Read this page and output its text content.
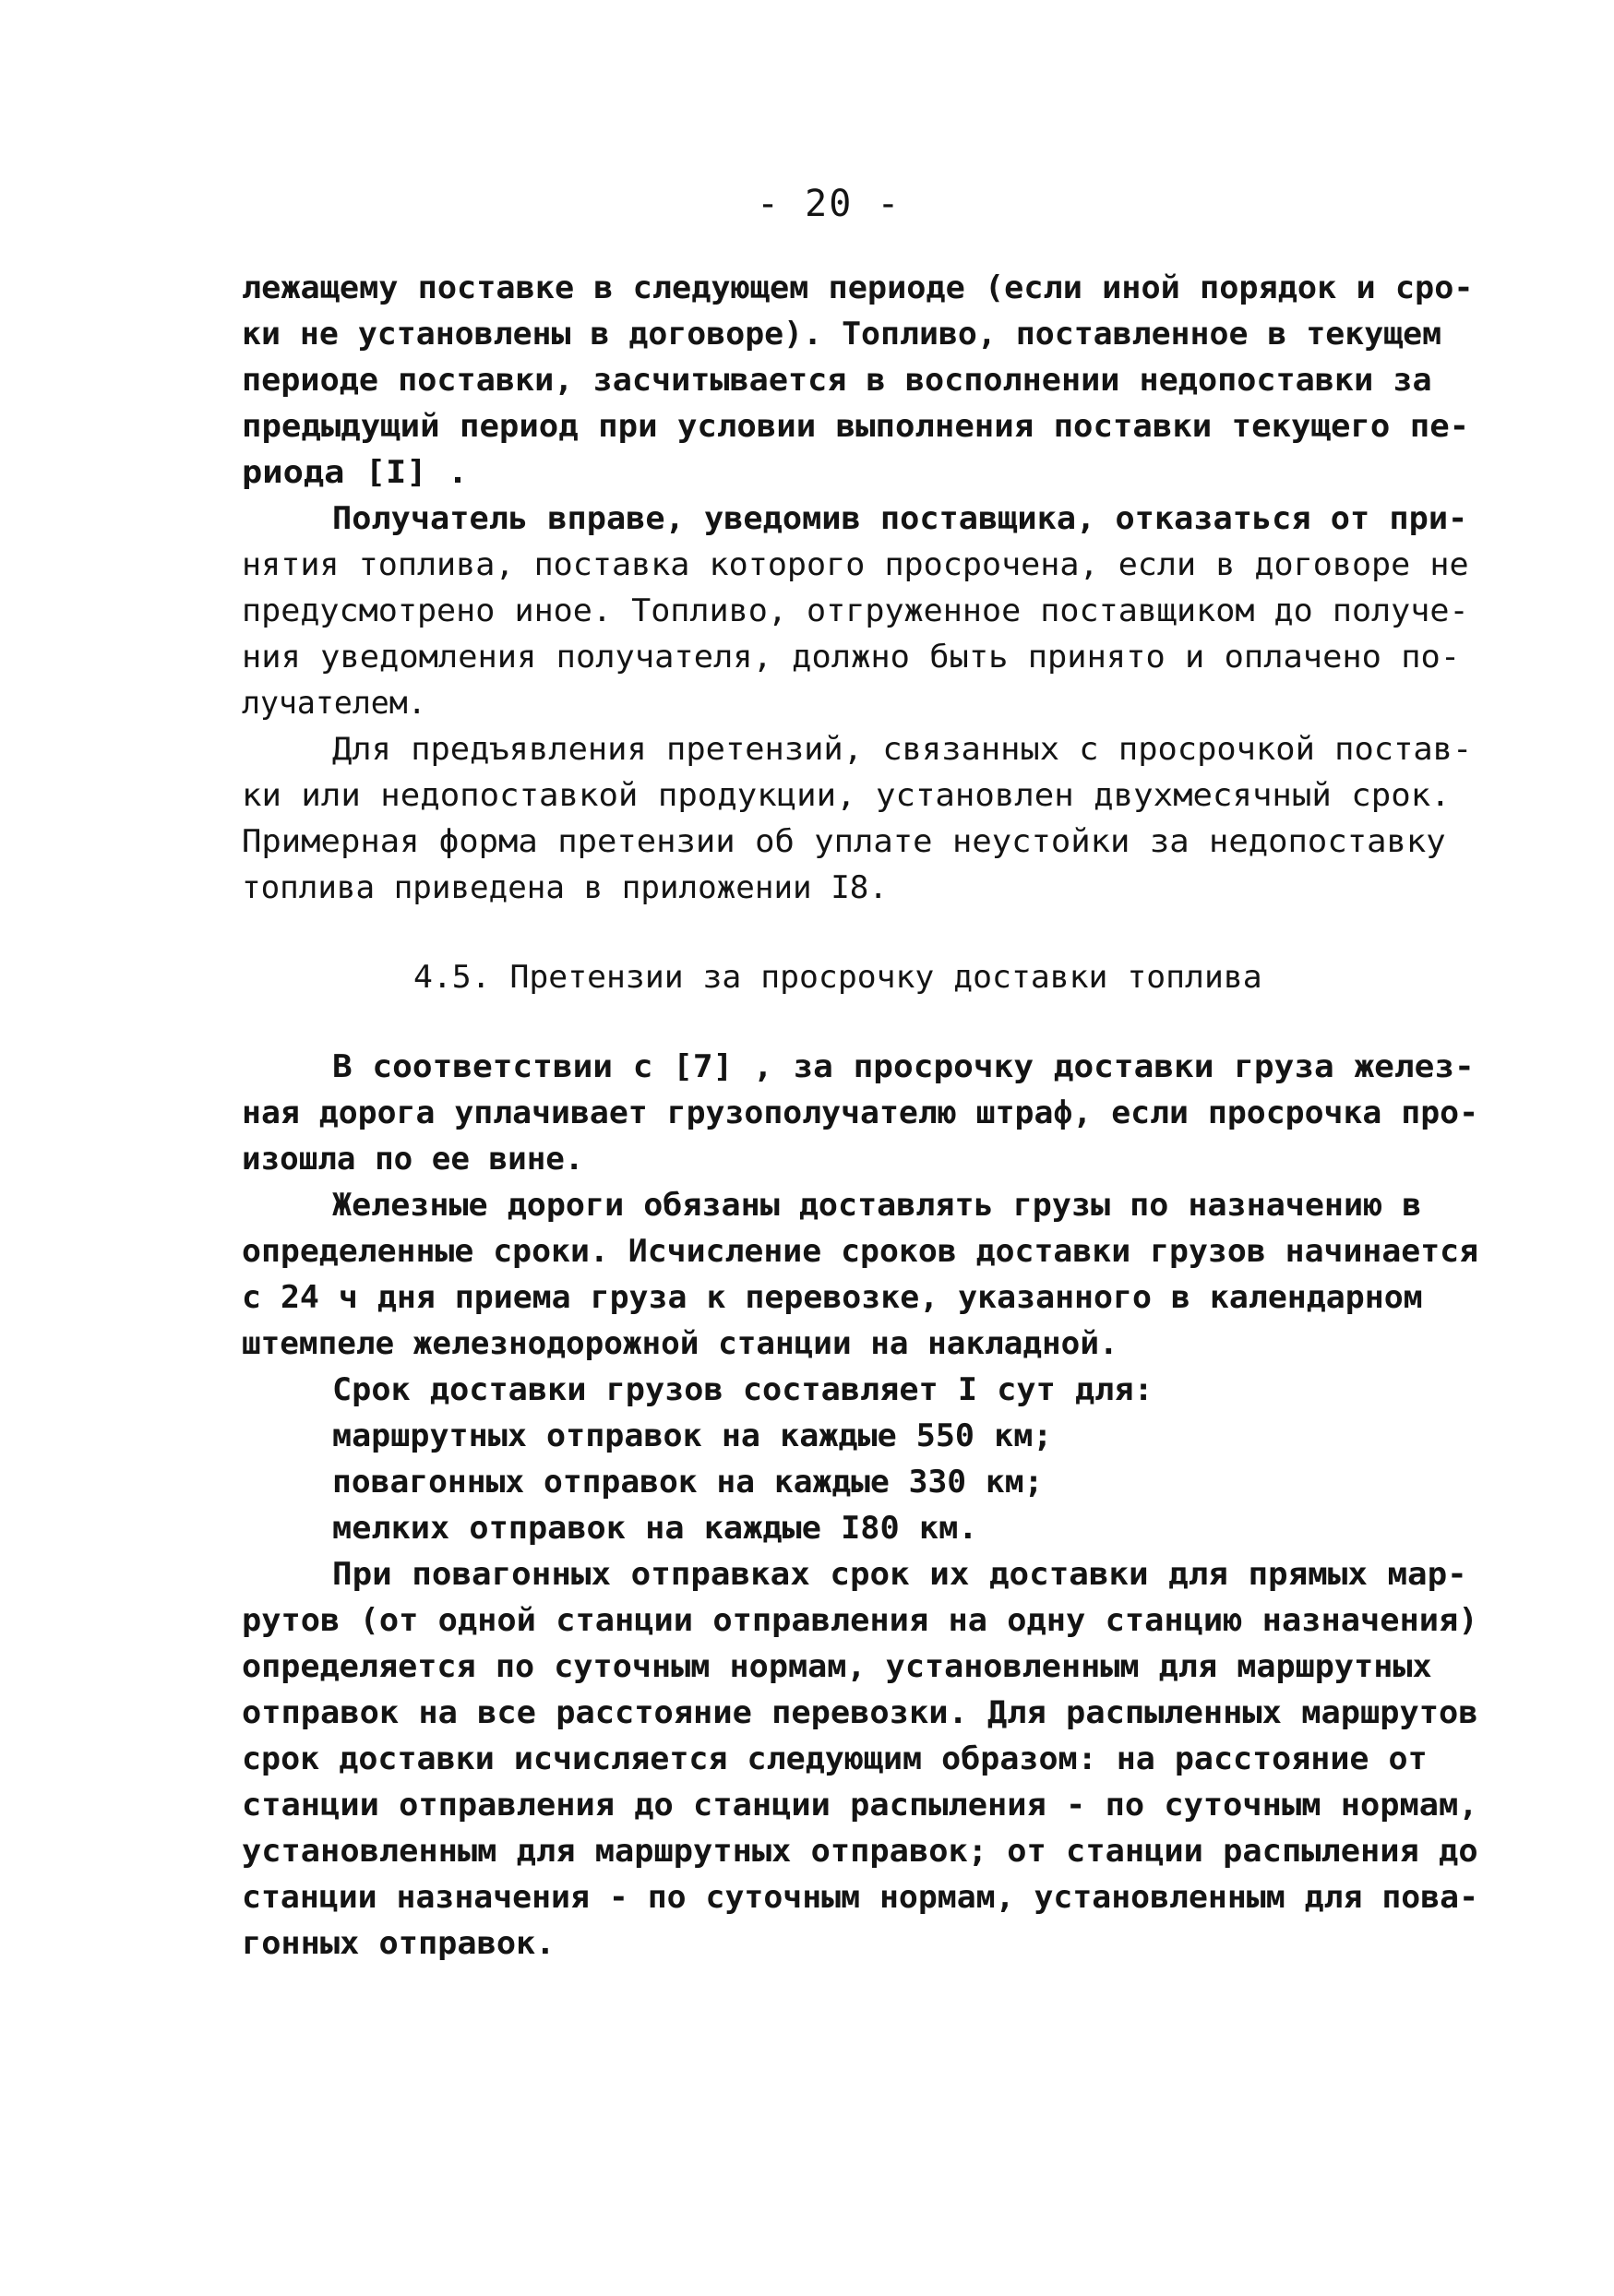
- 20 -
лежащему поставке в следующем периоде (если иной порядок и сро-
ки не установлены в договоре). Топливо, поставленное в текущем
периоде поставки, засчитывается в восполнении недопоставки за
предыдущий период при условии выполнения поставки текущего пе-
риода [I] .
Получатель вправе, уведомив поставщика, отказаться от при-
нятия топлива, поставка которого просрочена, если в договоре не
предусмотрено иное. Топливо, отгруженное поставщиком до получе-
ния уведомления получателя, должно быть принято и оплачено по-
лучателем.
Для предъявления претензий, связанных с просрочкой постав-
ки или недопоставкой продукции, установлен двухмесячный срок.
Примерная форма претензии об уплате неустойки за недопоставку
топлива приведена в приложении I8.
4.5. Претензии за просрочку доставки топлива
В соответствии с [7] , за просрочку доставки груза желез-
ная дорога уплачивает грузополучателю штраф, если просрочка про-
изошла по ее вине.
Железные дороги обязаны доставлять грузы по назначению в
определенные сроки. Исчисление сроков доставки грузов начинается
с 24 ч дня приема груза к перевозке, указанного в календарном
штемпеле железнодорожной станции на накладной.
Срок доставки грузов составляет I сут для:
маршрутных отправок на каждые 550 км;
повагонных отправок на каждые 330 км;
мелких отправок на каждые I80 км.
При повагонных отправках срок их доставки для прямых мар-
рутов (от одной станции отправления на одну станцию назначения)
определяется по суточным нормам, установленным для маршрутных
отправок на все расстояние перевозки. Для распыленных маршрутов
срок доставки исчисляется следующим образом: на расстояние от
станции отправления до станции распыления - по суточным нормам,
установленным для маршрутных отправок; от станции распыления до
станции назначения - по суточным нормам, установленным для пова-
гонных отправок.
